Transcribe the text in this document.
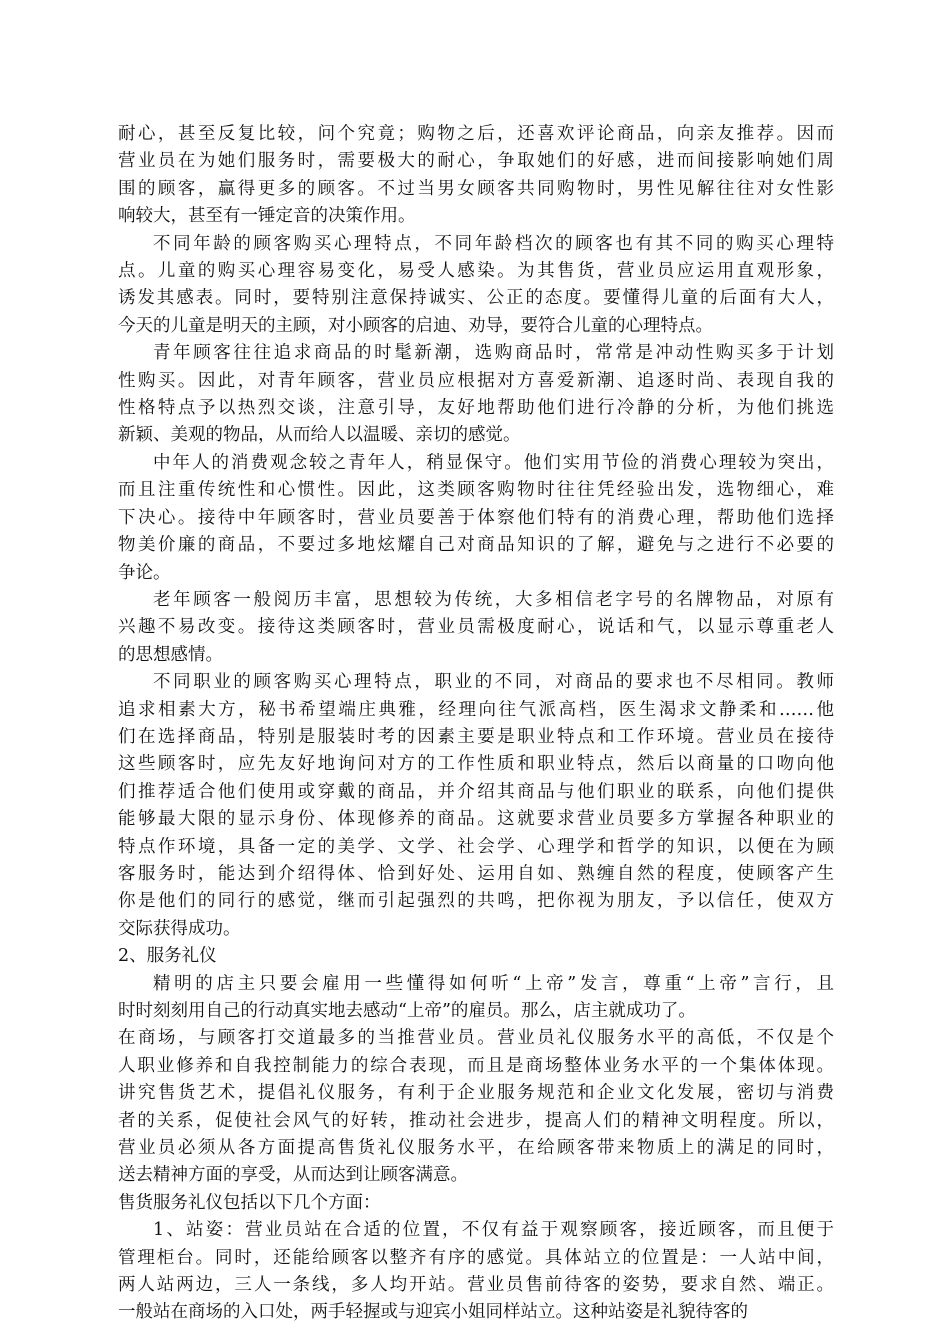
耐心，甚至反复比较，问个究竟；购物之后，还喜欢评论商品，向亲友推荐。因而
营业员在为她们服务时，需要极大的耐心，争取她们的好感，进而间接影响她们周
围的顾客，赢得更多的顾客。不过当男女顾客共同购物时，男性见解往往对女性影
响较大，甚至有一锤定音的决策作用。
不同年龄的顾客购买心理特点，不同年龄档次的顾客也有其不同的购买心理特
点。儿童的购买心理容易变化，易受人感染。为其售货，营业员应运用直观形象，
诱发其感表。同时，要特别注意保持诚实、公正的态度。要懂得儿童的后面有大人，
今天的儿童是明天的主顾，对小顾客的启迪、劝导，要符合儿童的心理特点。
青年顾客往往追求商品的时髦新潮，选购商品时，常常是冲动性购买多于计划
性购买。因此，对青年顾客，营业员应根据对方喜爱新潮、追逐时尚、表现自我的
性格特点予以热烈交谈，注意引导，友好地帮助他们进行冷静的分析，为他们挑选
新颖、美观的物品，从而给人以温暖、亲切的感觉。
中年人的消费观念较之青年人，稍显保守。他们实用节俭的消费心理较为突出，
而且注重传统性和心惯性。因此，这类顾客购物时往往凭经验出发，选物细心，难
下决心。接待中年顾客时，营业员要善于体察他们特有的消费心理，帮助他们选择
物美价廉的商品，不要过多地炫耀自己对商品知识的了解，避免与之进行不必要的
争论。
老年顾客一般阅历丰富，思想较为传统，大多相信老字号的名牌物品，对原有
兴趣不易改变。接待这类顾客时，营业员需极度耐心，说话和气，以显示尊重老人
的思想感情。
不同职业的顾客购买心理特点，职业的不同，对商品的要求也不尽相同。教师
追求相素大方，秘书希望端庄典雅，经理向往气派高档，医生渴求文静柔和……他
们在选择商品，特别是服装时考的因素主要是职业特点和工作环境。营业员在接待
这些顾客时，应先友好地询问对方的工作性质和职业特点，然后以商量的口吻向他
们推荐适合他们使用或穿戴的商品，并介绍其商品与他们职业的联系，向他们提供
能够最大限的显示身份、体现修养的商品。这就要求营业员要多方掌握各种职业的
特点作环境，具备一定的美学、文学、社会学、心理学和哲学的知识，以便在为顾
客服务时，能达到介绍得体、恰到好处、运用自如、熟缠自然的程度，使顾客产生
你是他们的同行的感觉，继而引起强烈的共鸣，把你视为朋友，予以信任，使双方
交际获得成功。
2、服务礼仪
精明的店主只要会雇用一些懂得如何听“上帝”发言，尊重“上帝”言行，且
时时刻刻用自己的行动真实地去感动“上帝”的雇员。那么，店主就成功了。
在商场，与顾客打交道最多的当推营业员。营业员礼仪服务水平的高低，不仅是个
人职业修养和自我控制能力的综合表现，而且是商场整体业务水平的一个集体体现。
讲究售货艺术，提倡礼仪服务，有利于企业服务规范和企业文化发展，密切与消费
者的关系，促使社会风气的好转，推动社会进步，提高人们的精神文明程度。所以，
营业员必须从各方面提高售货礼仪服务水平，在给顾客带来物质上的满足的同时，
送去精神方面的享受，从而达到让顾客满意。
售货服务礼仪包括以下几个方面：
1、站姿：营业员站在合适的位置，不仅有益于观察顾客，接近顾客，而且便于
管理柜台。同时，还能给顾客以整齐有序的感觉。具体站立的位置是：一人站中间，
两人站两边，三人一条线，多人均开站。营业员售前待客的姿势，要求自然、端正。
一般站在商场的入口处，两手轻握或与迎宾小姐同样站立。这种站姿是礼貌待客的
